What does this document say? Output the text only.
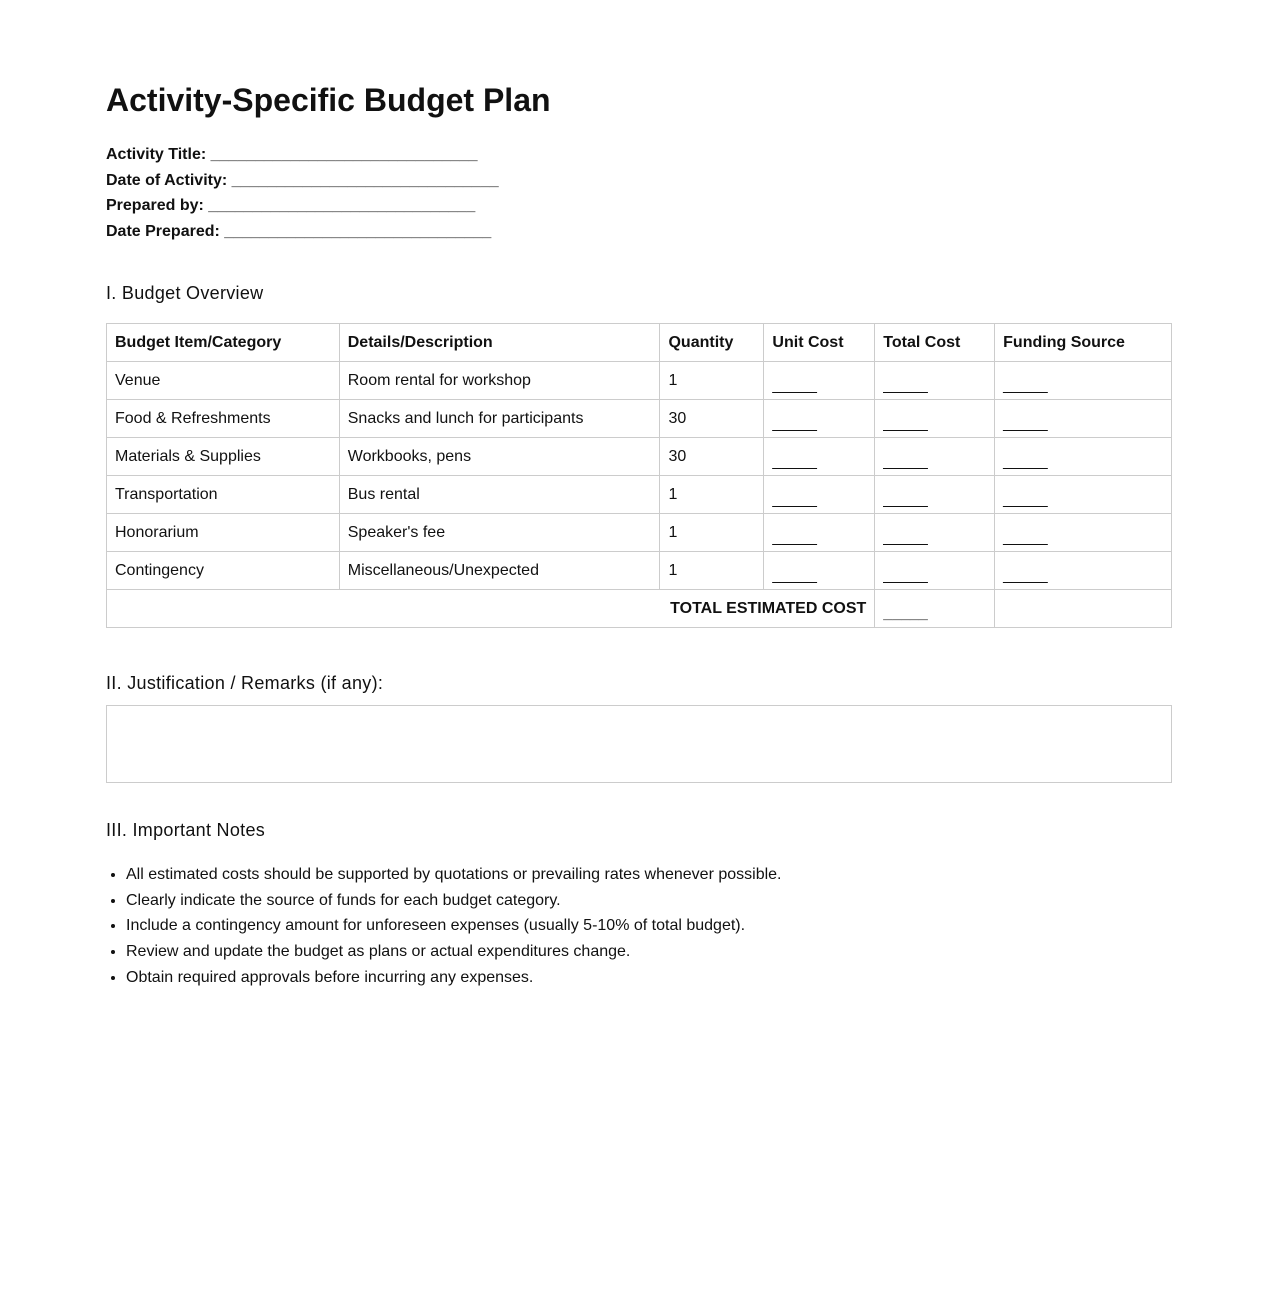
Activity-Specific Budget Plan
Activity Title: ______________________________
Date of Activity: ______________________________
Prepared by: ______________________________
Date Prepared: ______________________________
I. Budget Overview
Budget Item/Category	Details/Description	Quantity	Unit Cost	Total Cost	Funding Source
Venue	Room rental for workshop	1	_____	_____	_____
Food & Refreshments	Snacks and lunch for participants	30	_____	_____	_____
Materials & Supplies	Workbooks, pens	30	_____	_____	_____
Transportation	Bus rental	1	_____	_____	_____
Honorarium	Speaker's fee	1	_____	_____	_____
Contingency	Miscellaneous/Unexpected	1	_____	_____	_____
TOTAL ESTIMATED COST				_____	
II. Justification / Remarks (if any):
III. Important Notes
• All estimated costs should be supported by quotations or prevailing rates whenever possible.
• Clearly indicate the source of funds for each budget category.
• Include a contingency amount for unforeseen expenses (usually 5-10% of total budget).
• Review and update the budget as plans or actual expenditures change.
• Obtain required approvals before incurring any expenses.
